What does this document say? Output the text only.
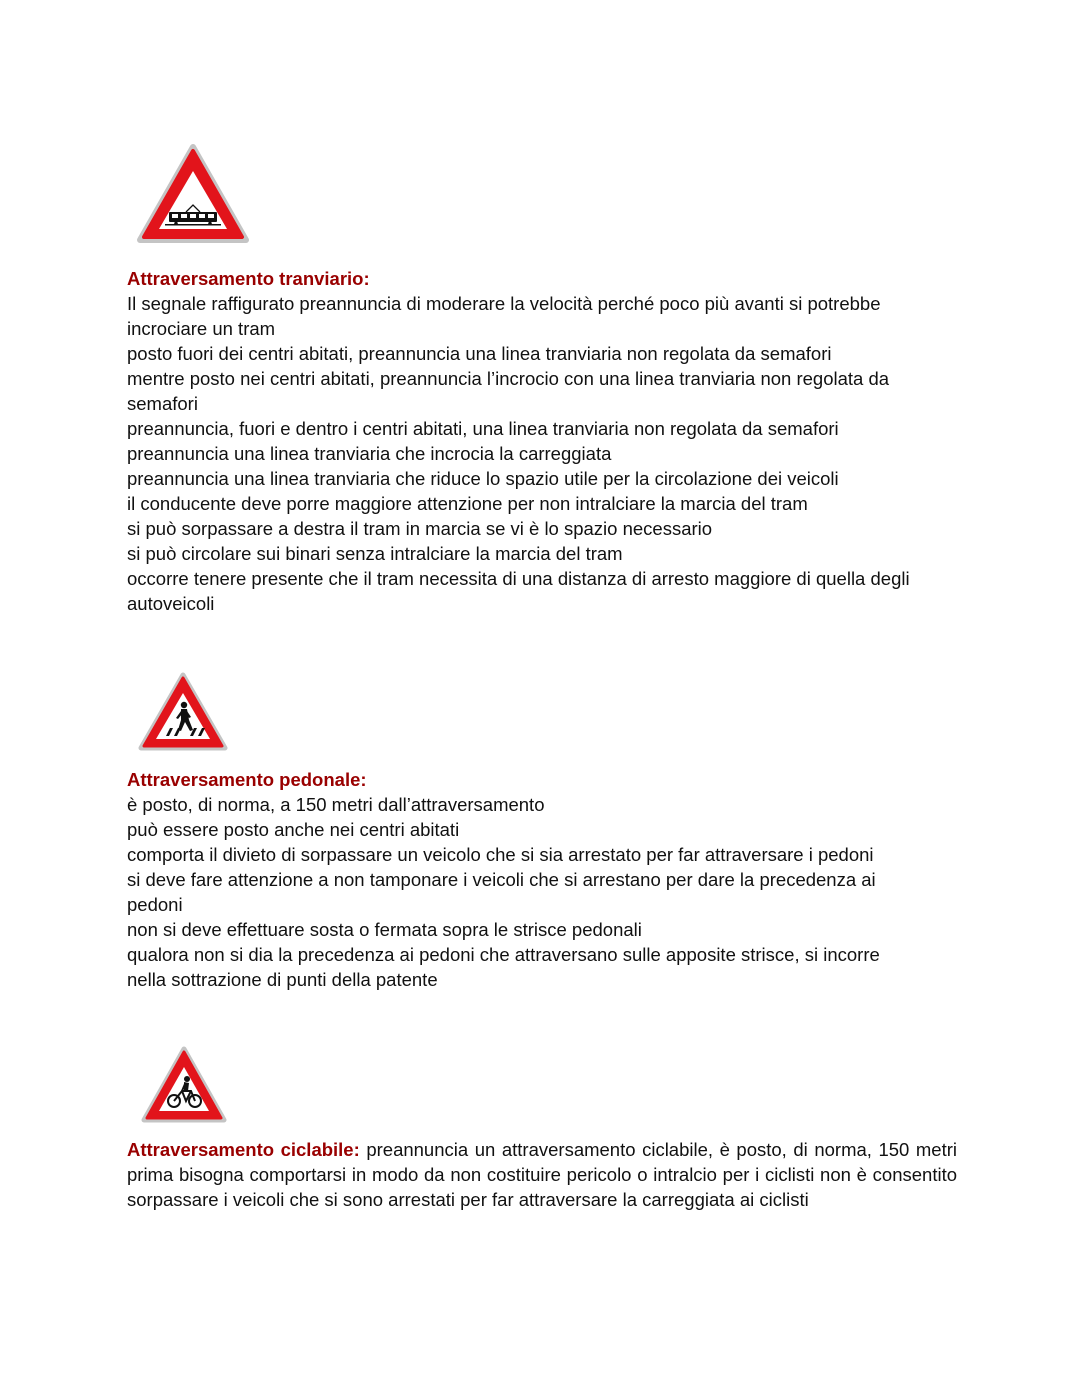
Attraversamento tranviario:
Il segnale raffigurato preannuncia di moderare la velocità perché poco più avanti si potrebbe
incrociare un tram
posto fuori dei centri abitati, preannuncia una linea tranviaria non regolata da semafori
mentre posto nei centri abitati, preannuncia l’incrocio con una linea tranviaria non regolata da
semafori
preannuncia, fuori e dentro i centri abitati, una linea tranviaria non regolata da semafori
preannuncia una linea tranviaria che incrocia la carreggiata
preannuncia una linea tranviaria che riduce lo spazio utile per la circolazione dei veicoli
il conducente deve porre maggiore attenzione per non intralciare la marcia del tram
si può sorpassare a destra il tram in marcia se vi è lo spazio necessario
si può circolare sui binari senza intralciare la marcia del tram
occorre tenere presente che il tram necessita di una distanza di arresto maggiore di quella degli
autoveicoli
Attraversamento pedonale:
è posto, di norma, a 150 metri dall’attraversamento
può essere posto anche nei centri abitati
comporta il divieto di sorpassare un veicolo che si sia arrestato per far attraversare i pedoni
si deve fare attenzione a non tamponare i veicoli che si arrestano per dare la precedenza ai
pedoni
non si deve effettuare sosta o fermata sopra le strisce pedonali
qualora non si dia la precedenza ai pedoni che attraversano sulle apposite strisce, si incorre
nella sottrazione di punti della patente
Attraversamento ciclabile: preannuncia un attraversamento ciclabile, è posto, di norma, 150 metri prima bisogna comportarsi in modo da non costituire pericolo o intralcio per i ciclisti non è consentito sorpassare i veicoli che si sono arrestati per far attraversare la carreggiata ai ciclisti
